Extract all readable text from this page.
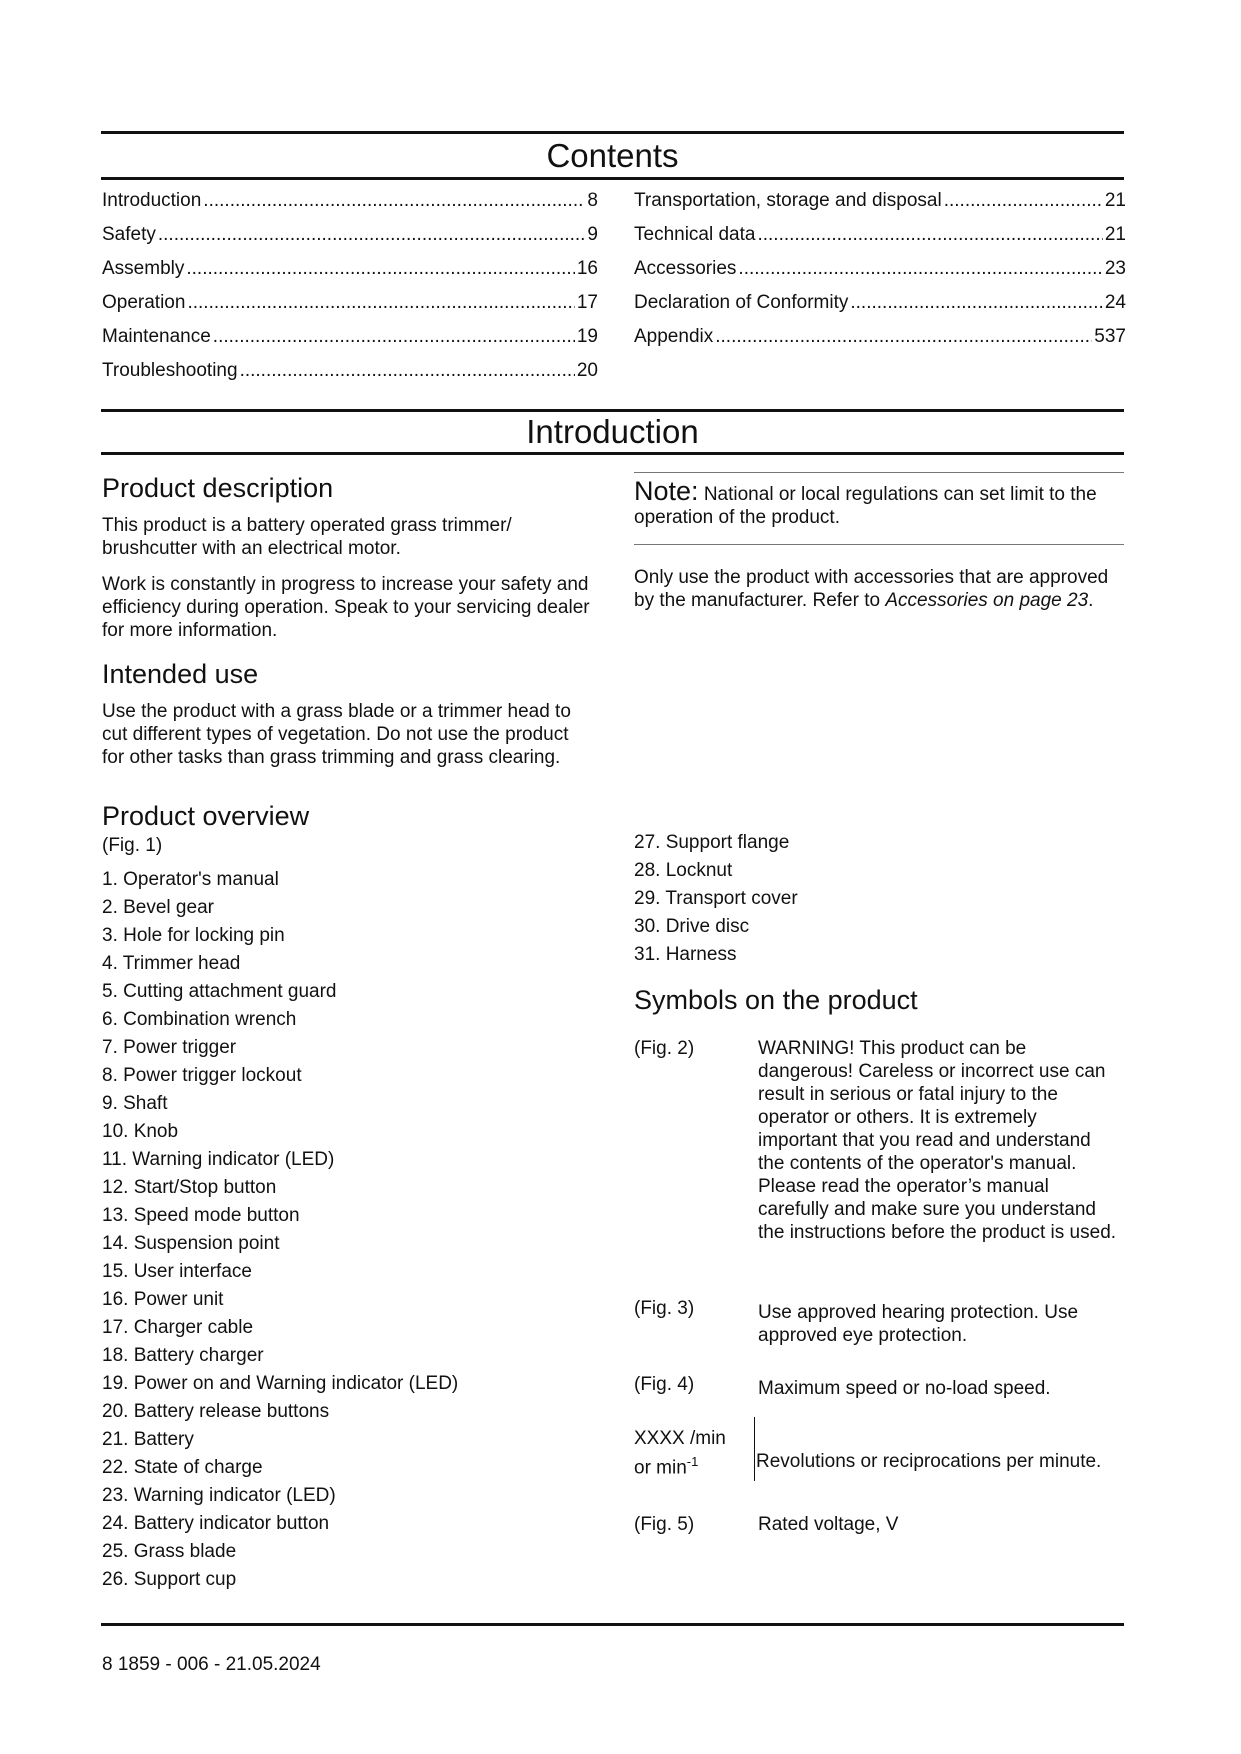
Contents
Introduction .....	8
Safety .....	9
Assembly .....	16
Operation .....	17
Maintenance .....	19
Troubleshooting .....	20
Transportation, storage and disposal .....	21
Technical data .....	21
Accessories .....	23
Declaration of Conformity .....	24
Appendix .....	537
Introduction
Product description

This product is a battery operated grass trimmer/ brushcutter with an electrical motor.

Work is constantly in progress to increase your safety and efficiency during operation. Speak to your servicing dealer for more information.

Intended use

Use the product with a grass blade or a trimmer head to cut different types of vegetation. Do not use the product for other tasks than grass trimming and grass clearing.

Note: National or local regulations can set limit to the operation of the product.
Only use the product with accessories that are approved by the manufacturer. Refer to Accessories on page 23.
Product overview
(Fig. 1)
1. Operator's manual
2. Bevel gear
3. Hole for locking pin
4. Trimmer head
5. Cutting attachment guard
6. Combination wrench
7. Power trigger
8. Power trigger lockout
9. Shaft
10. Knob
11. Warning indicator (LED)
12. Start/Stop button
13. Speed mode button
14. Suspension point
15. User interface
16. Power unit
17. Charger cable
18. Battery charger
19. Power on and Warning indicator (LED)
20. Battery release buttons
21. Battery
22. State of charge
23. Warning indicator (LED)
24. Battery indicator button
25. Grass blade
26. Support cup
27. Support flange
28. Locknut
29. Transport cover
30. Drive disc
31. Harness
Symbols on the product
(Fig. 2)	WARNING! This product can be dangerous! Careless or incorrect use can result in serious or fatal injury to the operator or others. It is extremely important that you read and understand the contents of the operator's manual. Please read the operator’s manual carefully and make sure you understand the instructions before the product is used.
(Fig. 3)	Use approved hearing protection. Use approved eye protection.
(Fig. 4)	Maximum speed or no-load speed.
XXXX /min
or $\min^{-1}$	Revolutions or reciprocations per minute.
(Fig. 5)	Rated voltage, V
8 1859 - 006 - 21.05.2024
